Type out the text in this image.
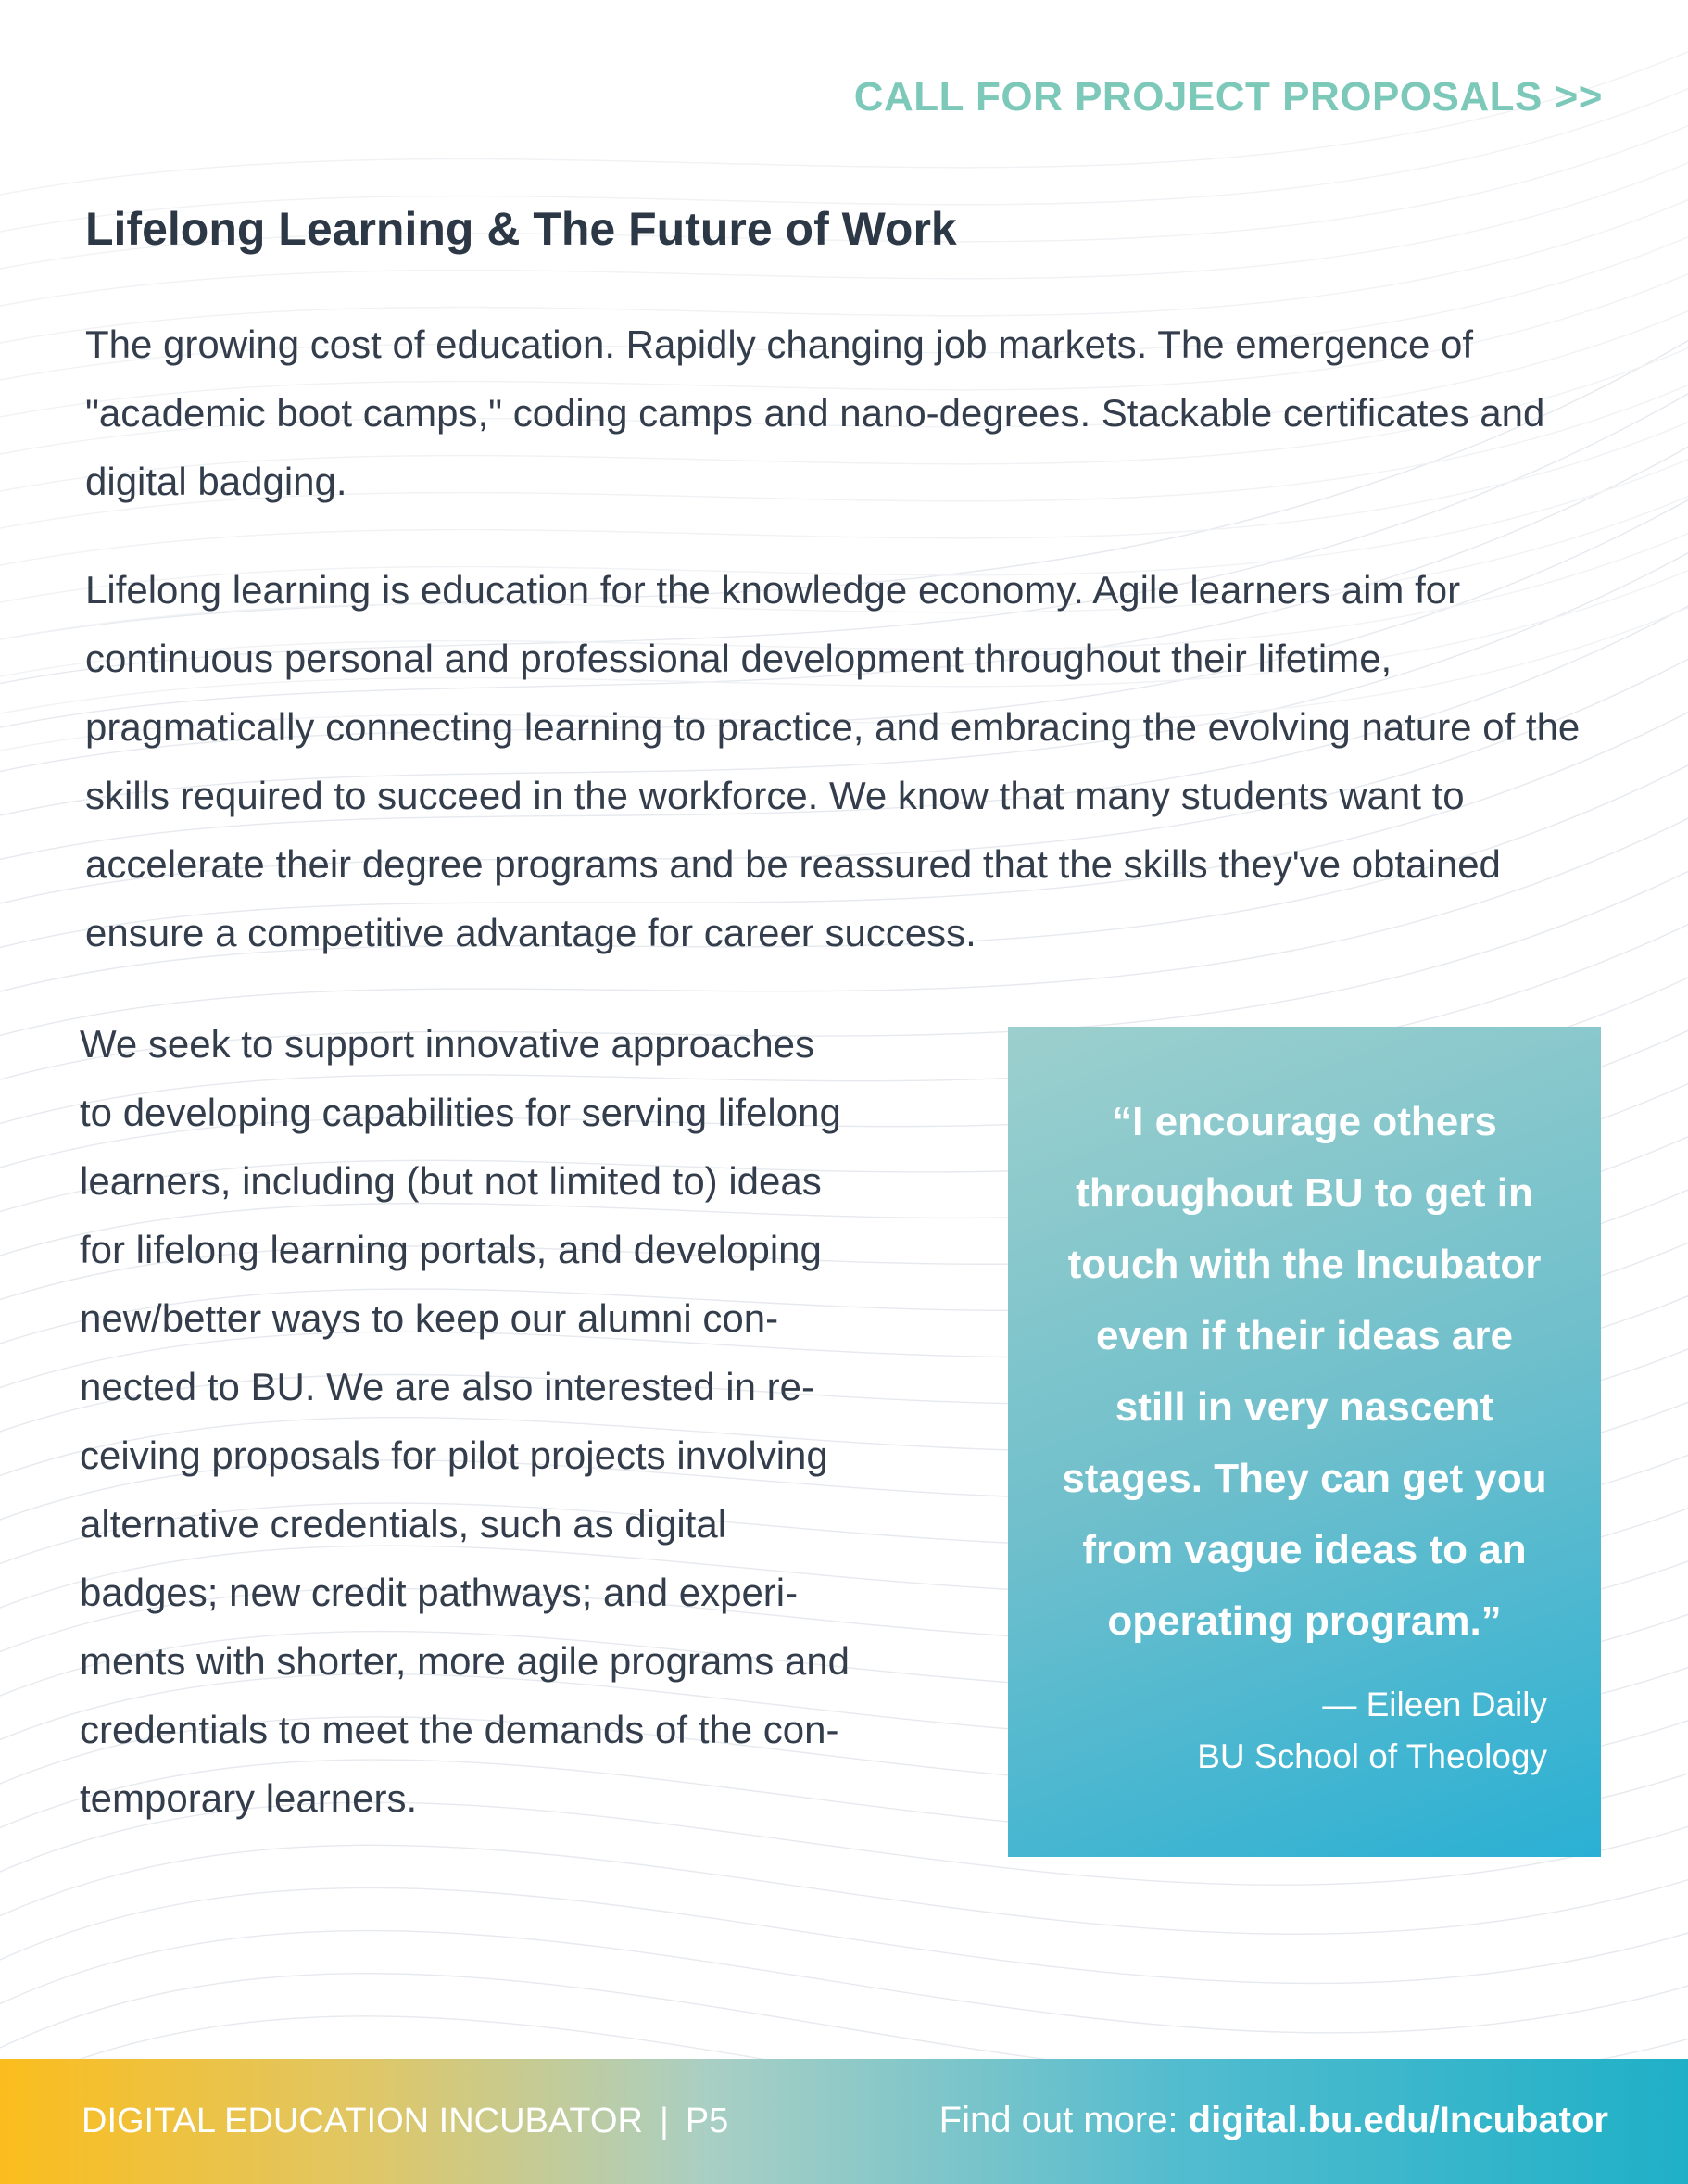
CALL FOR PROJECT PROPOSALS >>
Lifelong Learning & The Future of Work

The growing cost of education. Rapidly changing job markets. The emergence of "academic boot camps," coding camps and nano-degrees. Stackable certificates and digital badging.

Lifelong learning is education for the knowledge economy. Agile learners aim for continuous personal and professional development throughout their lifetime, pragmatically connecting learning to practice, and embracing the evolving nature of the skills required to succeed in the workforce. We know that many students want to accelerate their degree programs and be reassured that the skills they've obtained ensure a competitive advantage for career success.

We seek to support innovative approaches
to developing capabilities for serving lifelong
learners, including (but not limited to) ideas
for lifelong learning portals, and developing
new/better ways to keep our alumni con-
nected to BU. We are also interested in re-
ceiving proposals for pilot projects involving
alternative credentials, such as digital
badges; new credit pathways; and experi-
ments with shorter, more agile programs and
credentials to meet the demands of the con-
temporary learners.

“I encourage others
throughout BU to get in
touch with the Incubator
even if their ideas are
still in very nascent
stages. They can get you
from vague ideas to an
operating program.”

— Eileen Daily
BU School of Theology
DIGITAL EDUCATION INCUBATOR | P5	Find out more: digital.bu.edu/Incubator
